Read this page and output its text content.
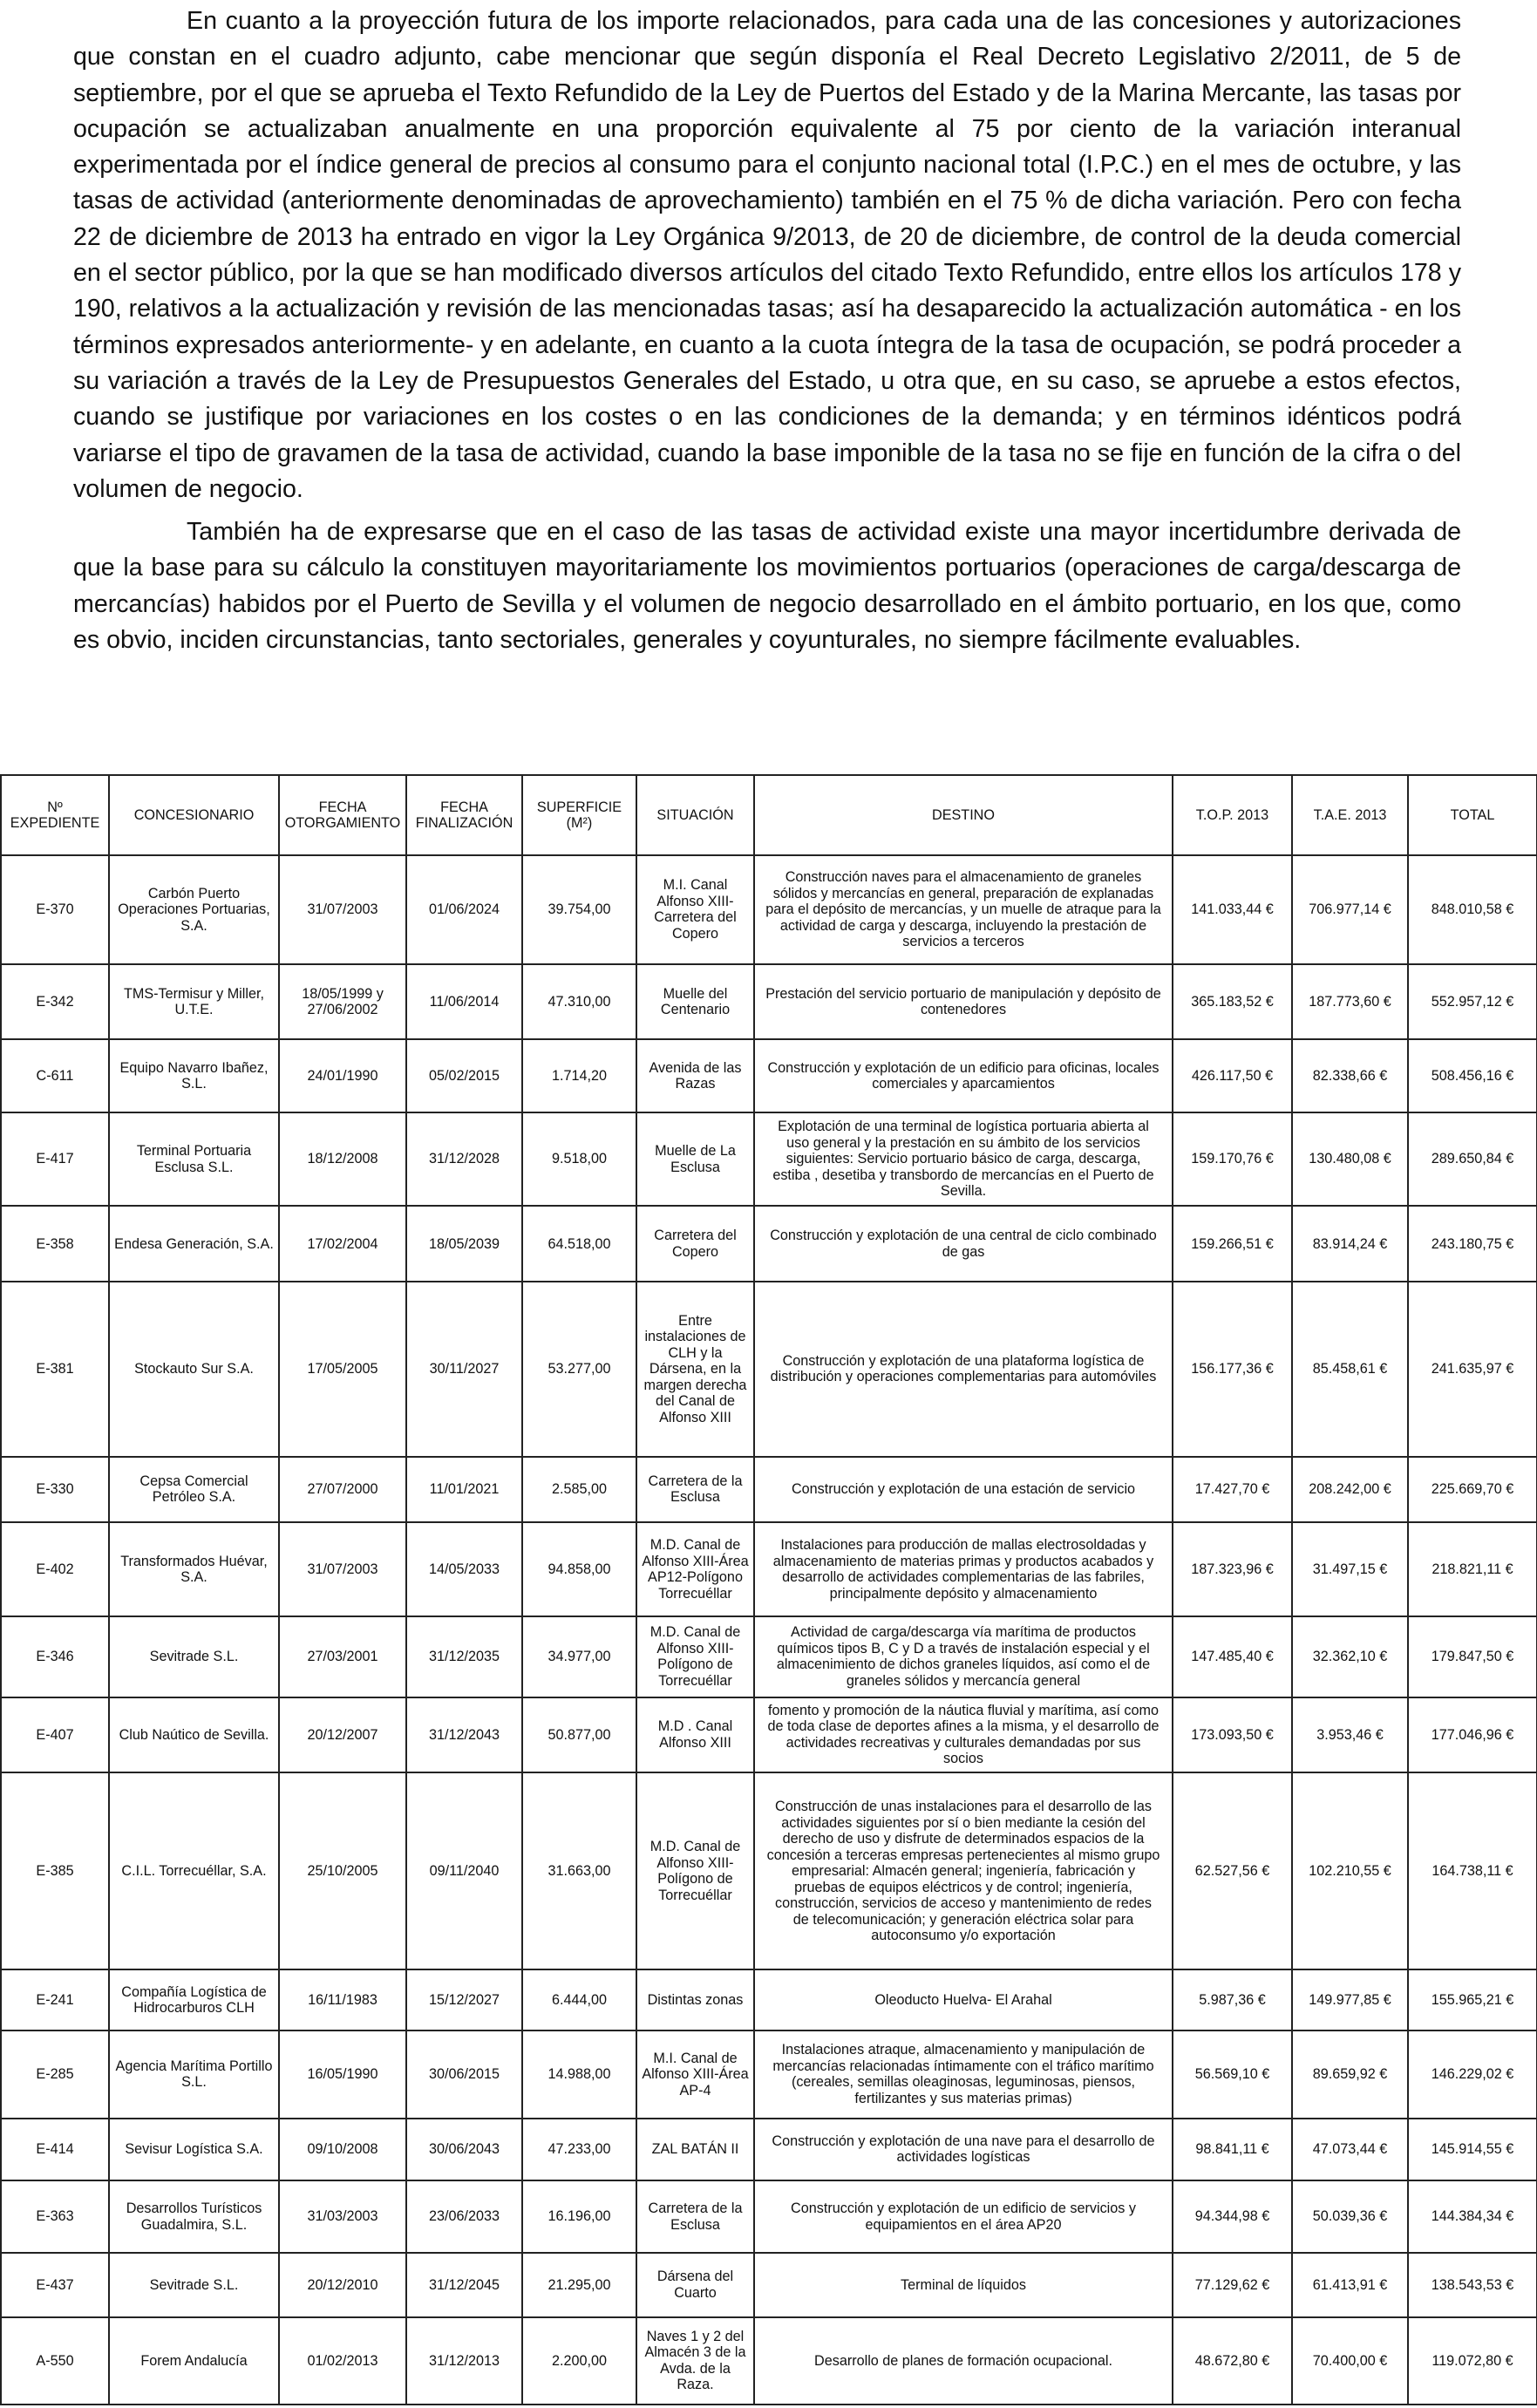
En cuanto a la proyección futura de los importe relacionados, para cada una de las concesiones y autorizaciones que constan en el cuadro adjunto, cabe mencionar que según disponía el Real Decreto Legislativo 2/2011, de 5 de septiembre, por el que se aprueba el Texto Refundido de la Ley de Puertos del Estado y de la Marina Mercante, las tasas por ocupación se actualizaban anualmente en una proporción equivalente al 75 por ciento de la variación interanual experimentada por el índice general de precios al consumo para el conjunto nacional total (I.P.C.) en el mes de octubre, y las tasas de actividad (anteriormente denominadas de aprovechamiento) también en el 75 % de dicha variación. Pero con fecha 22 de diciembre de 2013 ha entrado en vigor la Ley Orgánica 9/2013, de 20 de diciembre, de control de la deuda comercial en el sector público, por la que se han modificado diversos artículos del citado Texto Refundido, entre ellos los artículos 178 y 190, relativos a la actualización y revisión de las mencionadas tasas; así ha desaparecido la actualización automática - en los términos expresados anteriormente- y en adelante, en cuanto a la cuota íntegra de la tasa de ocupación, se podrá proceder a su variación a través de la Ley de Presupuestos Generales del Estado, u otra que, en su caso, se apruebe a estos efectos, cuando se justifique por variaciones en los costes o en las condiciones de la demanda; y en términos idénticos podrá variarse el tipo de gravamen de la tasa de actividad, cuando la base imponible de la tasa no se fije en función de la cifra o del volumen de negocio.

También ha de expresarse que en el caso de las tasas de actividad existe una mayor incertidumbre derivada de que la base para su cálculo la constituyen mayoritariamente los movimientos portuarios (operaciones de carga/descarga de mercancías) habidos por el Puerto de Sevilla y el volumen de negocio desarrollado en el ámbito portuario, en los que, como es obvio, inciden circunstancias, tanto sectoriales, generales y coyunturales, no siempre fácilmente evaluables.

Nº EXPEDIENTE	CONCESIONARIO	FECHA OTORGAMIENTO	FECHA FINALIZACIÓN	SUPERFICIE (M²)	SITUACIÓN	DESTINO	T.O.P. 2013	T.A.E. 2013	TOTAL
E-370	Carbón Puerto Operaciones Portuarias, S.A.	31/07/2003	01/06/2024	39.754,00	M.I. Canal Alfonso XIII-Carretera del Copero	Construcción naves para el almacenamiento de graneles sólidos y mercancías en general, preparación de explanadas para el depósito de mercancías, y un muelle de atraque para la actividad de carga y descarga, incluyendo la prestación de servicios a terceros	141.033,44 €	706.977,14 €	848.010,58 €
E-342	TMS-Termisur y Miller, U.T.E.	18/05/1999 y 27/06/2002	11/06/2014	47.310,00	Muelle del Centenario	Prestación del servicio portuario de manipulación y depósito de contenedores	365.183,52 €	187.773,60 €	552.957,12 €
C-611	Equipo Navarro Ibañez, S.L.	24/01/1990	05/02/2015	1.714,20	Avenida de las Razas	Construcción y explotación de un edificio para oficinas, locales comerciales y aparcamientos	426.117,50 €	82.338,66 €	508.456,16 €
E-417	Terminal Portuaria Esclusa S.L.	18/12/2008	31/12/2028	9.518,00	Muelle de La Esclusa	Explotación de una terminal de logística portuaria abierta al uso general y la prestación en su ámbito de los servicios siguientes: Servicio portuario básico de carga, descarga, estiba , desetiba y transbordo de mercancías en el Puerto de Sevilla.	159.170,76 €	130.480,08 €	289.650,84 €
E-358	Endesa Generación, S.A.	17/02/2004	18/05/2039	64.518,00	Carretera del Copero	Construcción y explotación de una central de ciclo combinado de gas	159.266,51 €	83.914,24 €	243.180,75 €
E-381	Stockauto Sur S.A.	17/05/2005	30/11/2027	53.277,00	Entre instalaciones de CLH y la Dársena, en la margen derecha del Canal de Alfonso XIII	Construcción y explotación de una plataforma logística de distribución y operaciones complementarias para automóviles	156.177,36 €	85.458,61 €	241.635,97 €
E-330	Cepsa Comercial Petróleo S.A.	27/07/2000	11/01/2021	2.585,00	Carretera de la Esclusa	Construcción y explotación de una estación de servicio	17.427,70 €	208.242,00 €	225.669,70 €
E-402	Transformados Huévar, S.A.	31/07/2003	14/05/2033	94.858,00	M.D. Canal de Alfonso XIII-Área AP12-Polígono Torrecuéllar	Instalaciones para producción de mallas electrosoldadas y almacenamiento de materias primas y productos acabados y desarrollo de actividades complementarias de las fabriles, principalmente depósito y almacenamiento	187.323,96 €	31.497,15 €	218.821,11 €
E-346	Sevitrade S.L.	27/03/2001	31/12/2035	34.977,00	M.D. Canal de Alfonso XIII-Polígono de Torrecuéllar	Actividad de carga/descarga vía marítima de productos químicos tipos B, C y D a través de instalación especial y el almacenimiento de dichos graneles líquidos, así como el de graneles sólidos y mercancía general	147.485,40 €	32.362,10 €	179.847,50 €
E-407	Club Naútico de Sevilla.	20/12/2007	31/12/2043	50.877,00	M.D . Canal Alfonso XIII	fomento y promoción de la náutica fluvial y marítima, así como de toda clase de deportes afines a la misma, y el desarrollo de actividades recreativas y culturales demandadas por sus socios	173.093,50 €	3.953,46 €	177.046,96 €
E-385	C.I.L. Torrecuéllar, S.A.	25/10/2005	09/11/2040	31.663,00	M.D. Canal de Alfonso XIII-Polígono de Torrecuéllar	Construcción de unas instalaciones para el desarrollo de las actividades siguientes por sí o bien mediante la cesión del derecho de uso y disfrute de determinados espacios de la concesión a terceras empresas pertenecientes al mismo grupo empresarial: Almacén general; ingeniería, fabricación y pruebas de equipos eléctricos y de control; ingeniería, construcción, servicios de acceso y mantenimiento de redes de telecomunicación; y generación eléctrica solar para autoconsumo y/o exportación	62.527,56 €	102.210,55 €	164.738,11 €
E-241	Compañía Logística de Hidrocarburos CLH	16/11/1983	15/12/2027	6.444,00	Distintas zonas	Oleoducto Huelva- El Arahal	5.987,36 €	149.977,85 €	155.965,21 €
E-285	Agencia Marítima Portillo S.L.	16/05/1990	30/06/2015	14.988,00	M.I. Canal de Alfonso XIII-Área AP-4	Instalaciones atraque, almacenamiento y manipulación de mercancías relacionadas íntimamente con el tráfico marítimo (cereales, semillas oleaginosas, leguminosas, piensos, fertilizantes y sus materias primas)	56.569,10 €	89.659,92 €	146.229,02 €
E-414	Sevisur Logística S.A.	09/10/2008	30/06/2043	47.233,00	ZAL BATÁN II	Construcción y explotación de una nave para el desarrollo de actividades logísticas	98.841,11 €	47.073,44 €	145.914,55 €
E-363	Desarrollos Turísticos Guadalmira, S.L.	31/03/2003	23/06/2033	16.196,00	Carretera de la Esclusa	Construcción y explotación de un edificio de servicios y equipamientos en el área AP20	94.344,98 €	50.039,36 €	144.384,34 €
E-437	Sevitrade S.L.	20/12/2010	31/12/2045	21.295,00	Dársena del Cuarto	Terminal de líquidos	77.129,62 €	61.413,91 €	138.543,53 €
A-550	Forem Andalucía	01/02/2013	31/12/2013	2.200,00	Naves 1 y 2 del Almacén 3 de la Avda. de la Raza.	Desarrollo de planes de formación ocupacional.	48.672,80 €	70.400,00 €	119.072,80 €
